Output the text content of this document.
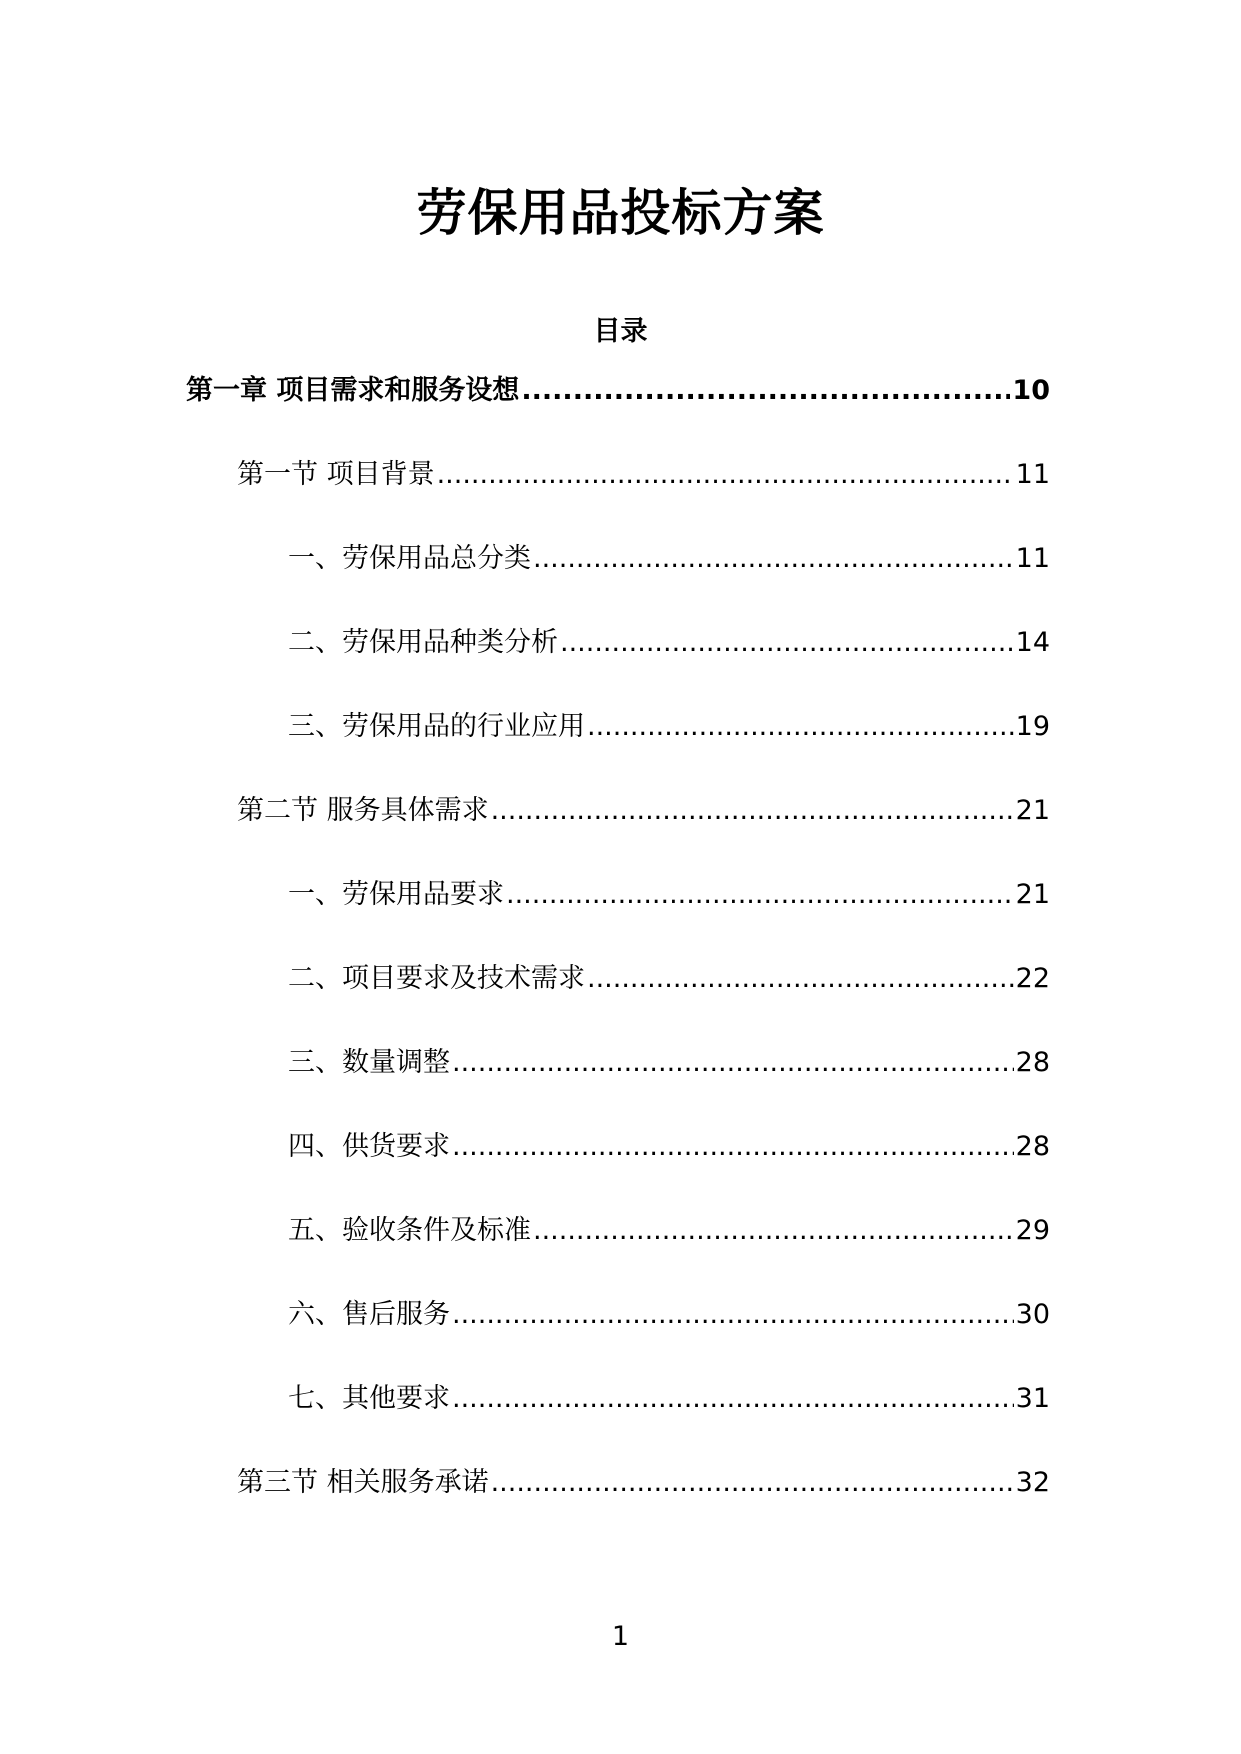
劳保用品投标方案
目录
第一章 项目需求和服务设想 .....	10
第一节 项目背景 .....	11
一、劳保用品总分类 .....	11
二、劳保用品种类分析 .....	14
三、劳保用品的行业应用 .....	19
第二节 服务具体需求 .....	21
一、劳保用品要求 .....	21
二、项目要求及技术需求 .....	22
三、数量调整 .....	28
四、供货要求 .....	28
五、验收条件及标准 .....	29
六、售后服务 .....	30
七、其他要求 .....	31
第三节 相关服务承诺 .....	32
1
